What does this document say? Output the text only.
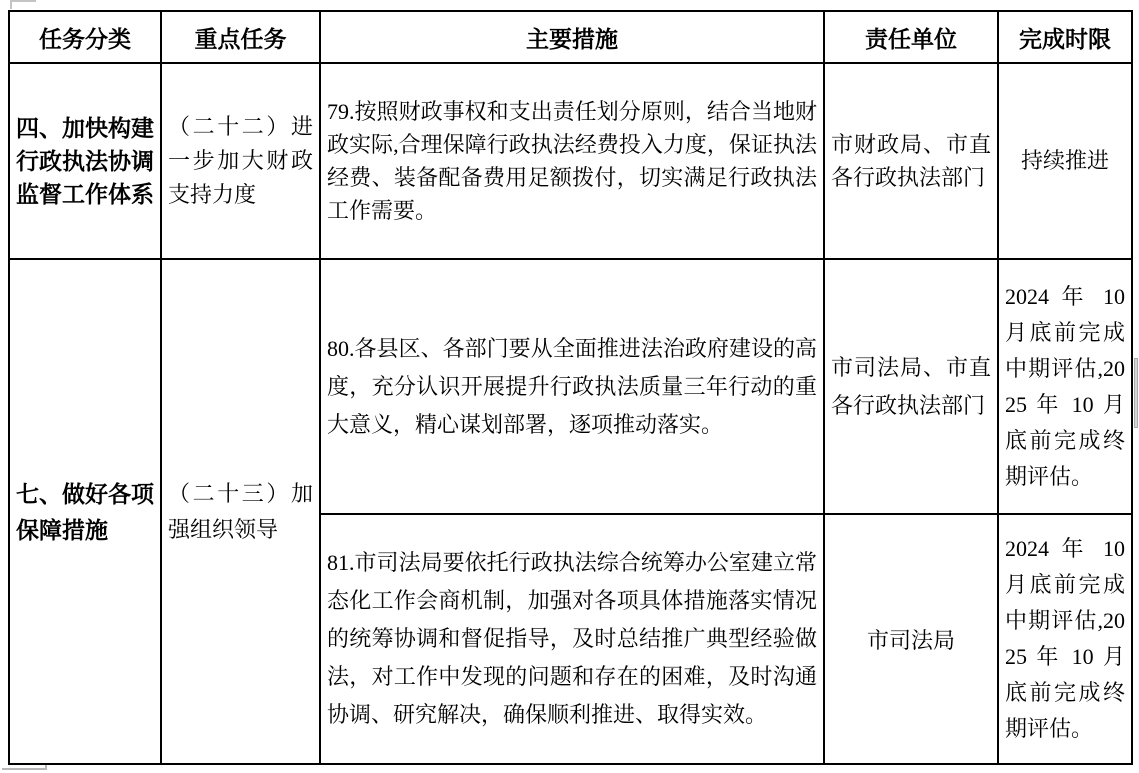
任务分类	重点任务	主要措施	责任单位	完成时限
四、加快构建行政执法协调监督工作体系	（二十二）进一步加大财政支持力度	79.按照财政事权和支出责任划分原则，结合当地财政实际,合理保障行政执法经费投入力度，保证执法经费、装备配备费用足额拨付，切实满足行政执法工作需要。	市财政局、市直各行政执法部门	持续推进
七、做好各项保障措施	（二十三）加强组织领导	80.各县区、各部门要从全面推进法治政府建设的高度，充分认识开展提升行政执法质量三年行动的重大意义，精心谋划部署，逐项推动落实。	市司法局、市直各行政执法部门	2024 年 10 月底前完成中期评估,2025 年 10 月底前完成终期评估。
		81.市司法局要依托行政执法综合统筹办公室建立常态化工作会商机制，加强对各项具体措施落实情况的统筹协调和督促指导，及时总结推广典型经验做法，对工作中发现的问题和存在的困难，及时沟通协调、研究解决，确保顺利推进、取得实效。	市司法局	2024 年 10 月底前完成中期评估,2025 年 10 月底前完成终期评估。
